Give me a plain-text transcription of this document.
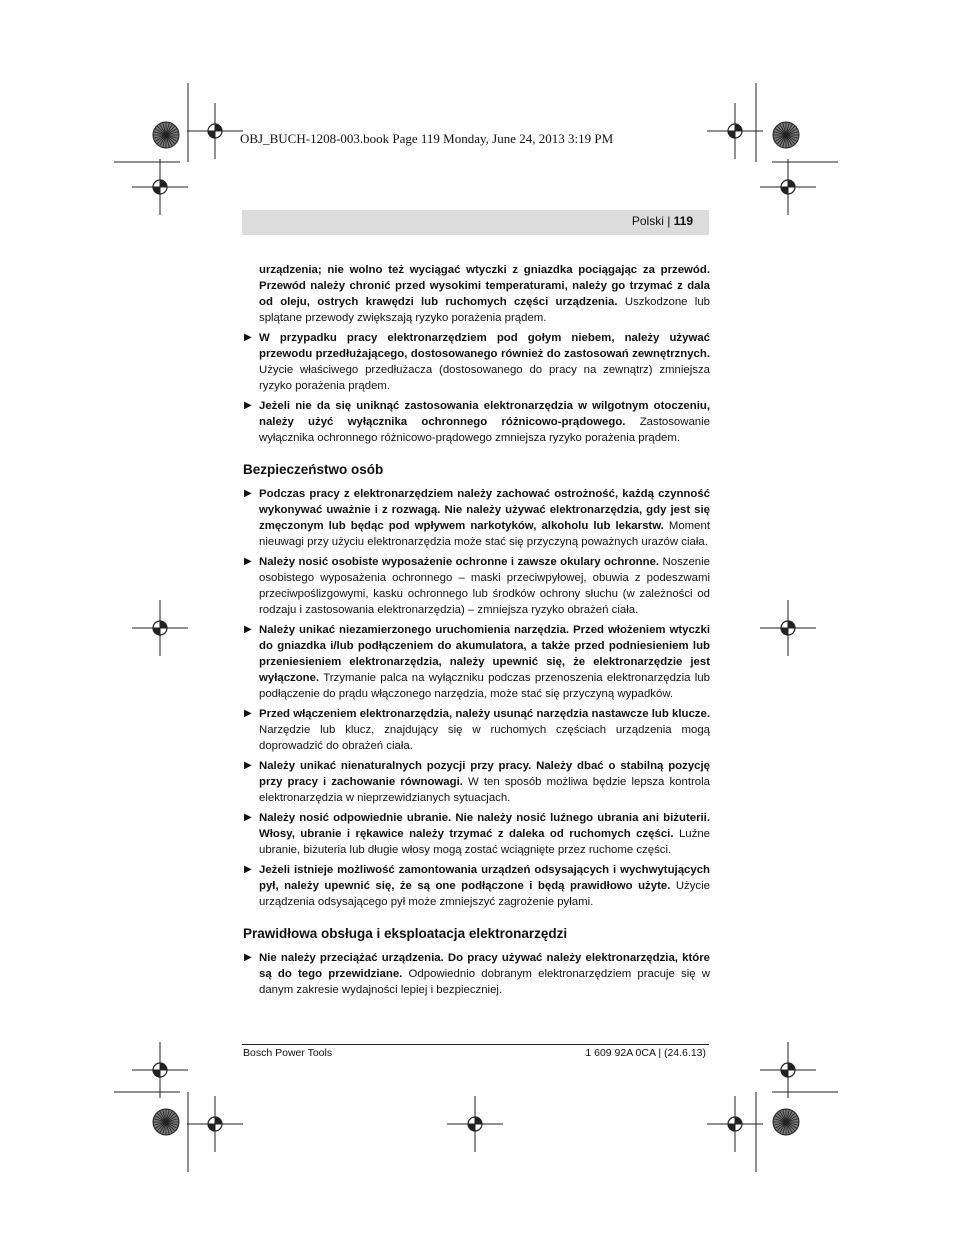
OBJ_BUCH-1208-003.book Page 119 Monday, June 24, 2013 3:19 PM
Polski | 119

urządzenia; nie wolno też wyciągać wtyczki z gniazdka pociągając za przewód. Przewód należy chronić przed wysokimi temperaturami, należy go trzymać z dala od oleju, ostrych krawędzi lub ruchomych części urządzenia. Uszkodzone lub splątane przewody zwiększają ryzyko porażenia prądem.

▶ W przypadku pracy elektronarzędziem pod gołym niebem, należy używać przewodu przedłużającego, dostosowanego również do zastosowań zewnętrznych. Użycie właściwego przedłużacza (dostosowanego do pracy na zewnątrz) zmniejsza ryzyko porażenia prądem.
▶ Jeżeli nie da się uniknąć zastosowania elektronarzędzia w wilgotnym otoczeniu, należy użyć wyłącznika ochronnego różnicowo-prądowego. Zastosowanie wyłącznika ochronnego różnicowo-prądowego zmniejsza ryzyko porażenia prądem.
Bezpieczeństwo osób
▶ Podczas pracy z elektronarzędziem należy zachować ostrożność, każdą czynność wykonywać uważnie i z rozwagą. Nie należy używać elektronarzędzia, gdy jest się zmęczonym lub będąc pod wpływem narkotyków, alkoholu lub lekarstw. Moment nieuwagi przy użyciu elektronarzędzia może stać się przyczyną poważnych urazów ciała.
▶ Należy nosić osobiste wyposażenie ochronne i zawsze okulary ochronne. Noszenie osobistego wyposażenia ochronnego – maski przeciwpyłowej, obuwia z podeszwami przeciwpoślizgowymi, kasku ochronnego lub środków ochrony słuchu (w zależności od rodzaju i zastosowania elektronarzędzia) – zmniejsza ryzyko obrażeń ciała.
▶ Należy unikać niezamierzonego uruchomienia narzędzia. Przed włożeniem wtyczki do gniazdka i/lub podłączeniem do akumulatora, a także przed podniesieniem lub przeniesieniem elektronarzędzia, należy upewnić się, że elektronarzędzie jest wyłączone. Trzymanie palca na wyłączniku podczas przenoszenia elektronarzędzia lub podłączenie do prądu włączonego narzędzia, może stać się przyczyną wypadków.
▶ Przed włączeniem elektronarzędzia, należy usunąć narzędzia nastawcze lub klucze. Narzędzie lub klucz, znajdujący się w ruchomych częściach urządzenia mogą doprowadzić do obrażeń ciała.
▶ Należy unikać nienaturalnych pozycji przy pracy. Należy dbać o stabilną pozycję przy pracy i zachowanie równowagi. W ten sposób możliwa będzie lepsza kontrola elektronarzędzia w nieprzewidzianych sytuacjach.
▶ Należy nosić odpowiednie ubranie. Nie należy nosić luźnego ubrania ani biżuterii. Włosy, ubranie i rękawice należy trzymać z daleka od ruchomych części. Luźne ubranie, biżuteria lub długie włosy mogą zostać wciągnięte przez ruchome części.
▶ Jeżeli istnieje możliwość zamontowania urządzeń odsysających i wychwytujących pył, należy upewnić się, że są one podłączone i będą prawidłowo użyte. Użycie urządzenia odsysającego pył może zmniejszyć zagrożenie pyłami.
Prawidłowa obsługa i eksploatacja elektronarzędzi
▶ Nie należy przeciążać urządzenia. Do pracy używać należy elektronarzędzia, które są do tego przewidziane. Odpowiednio dobranym elektronarzędziem pracuje się w danym zakresie wydajności lepiej i bezpieczniej.
Bosch Power Tools	1 609 92A 0CA | (24.6.13)
